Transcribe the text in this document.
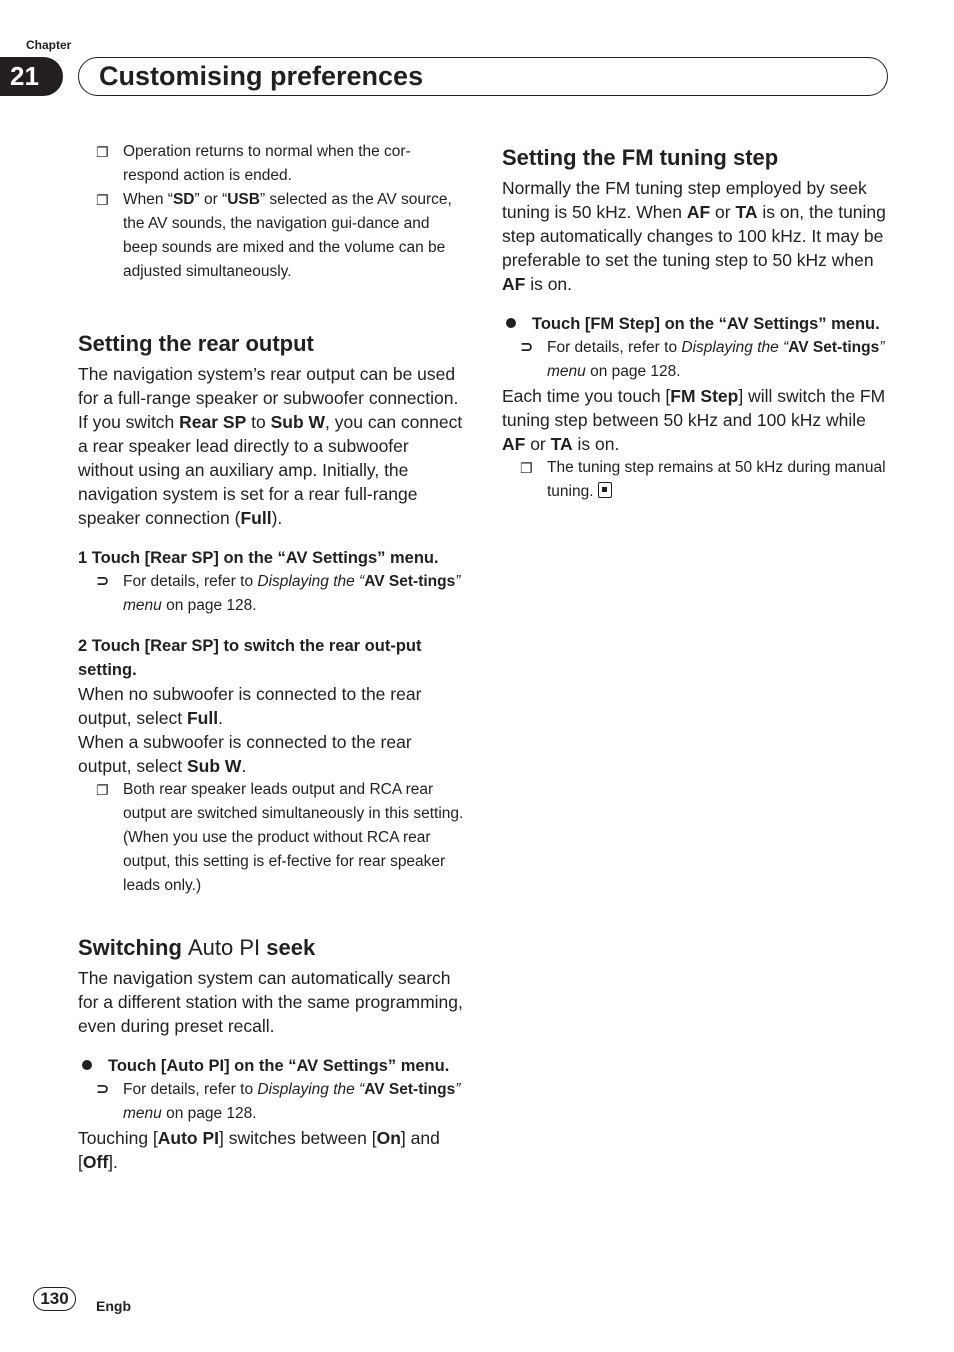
Chapter
21	Customising preferences
❐ Operation returns to normal when the cor-respond action is ended.
❐ When “SD” or “USB” selected as the AV source, the AV sounds, the navigation gui-dance and beep sounds are mixed and the volume can be adjusted simultaneously.

Setting the rear output

The navigation system’s rear output can be used for a full-range speaker or subwoofer connection. If you switch Rear SP to Sub W, you can connect a rear speaker lead directly to a subwoofer without using an auxiliary amp. Initially, the navigation system is set for a rear full-range speaker connection (Full).

1 Touch [Rear SP] on the “AV Settings” menu.

⊃ For details, refer to Displaying the “AV Set-tings” menu on page 128.

2 Touch [Rear SP] to switch the rear out-put setting.

When no subwoofer is connected to the rear output, select Full.

When a subwoofer is connected to the rear output, select Sub W.

❐ Both rear speaker leads output and RCA rear output are switched simultaneously in this setting. (When you use the product without RCA rear output, this setting is ef-fective for rear speaker leads only.)

Switching Auto PI seek

The navigation system can automatically search for a different station with the same programming, even during preset recall.

Touch [Auto PI] on the “AV Settings” menu.

⊃ For details, refer to Displaying the “AV Set-tings” menu on page 128.

Touching [Auto PI] switches between [On] and [Off].

Setting the FM tuning step

Normally the FM tuning step employed by seek tuning is 50 kHz. When AF or TA is on, the tuning step automatically changes to 100 kHz. It may be preferable to set the tuning step to 50 kHz when AF is on.

Touch [FM Step] on the “AV Settings” menu.

⊃ For details, refer to Displaying the “AV Set-tings” menu on page 128.

Each time you touch [FM Step] will switch the FM tuning step between 50 kHz and 100 kHz while AF or TA is on.

❐ The tuning step remains at 50 kHz during manual tuning.
130	Engb
